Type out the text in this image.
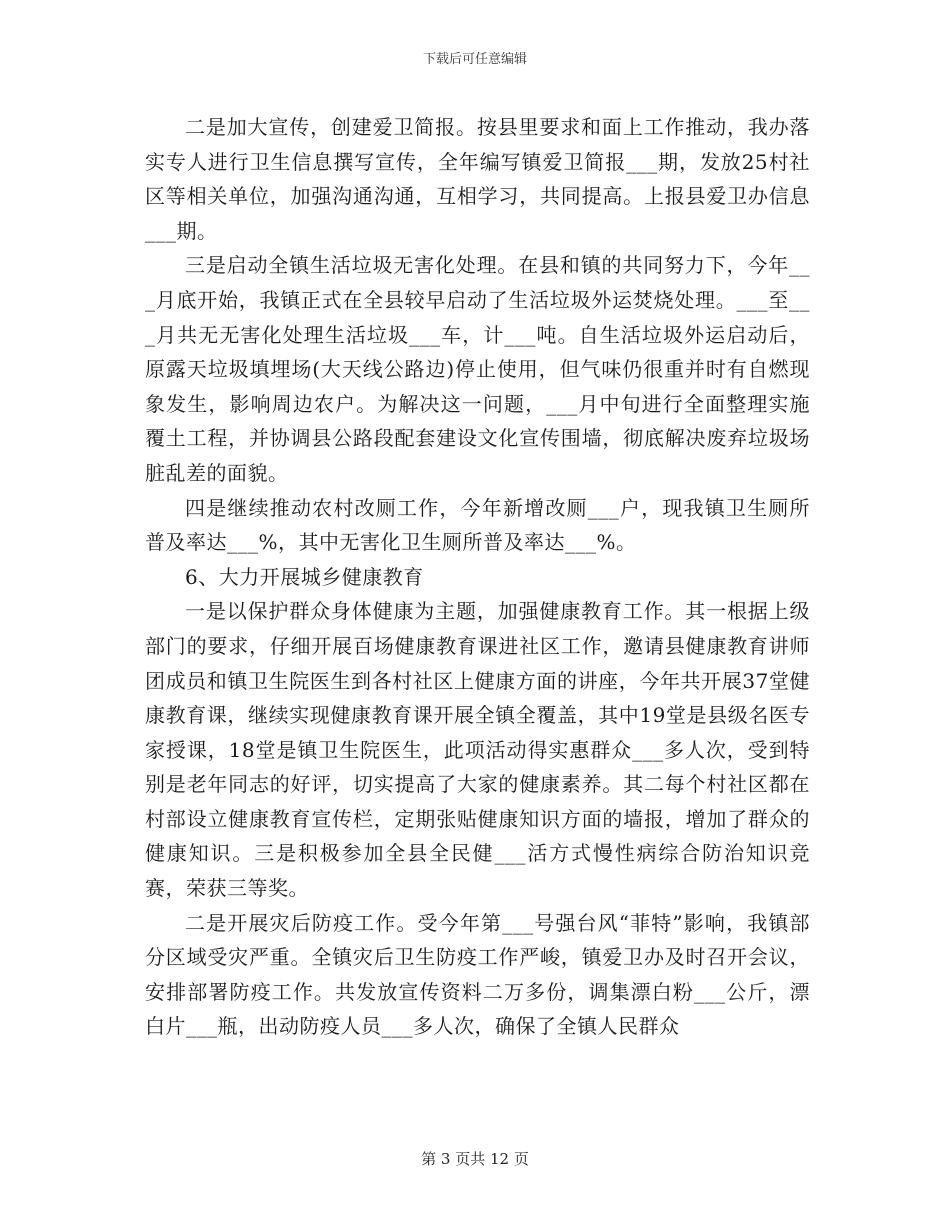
下载后可任意编辑

二是加大宣传，创建爱卫简报。按县里要求和面上工作推动，我办落实专人进行卫生信息撰写宣传，全年编写镇爱卫简报___期，发放25村社区等相关单位，加强沟通沟通，互相学习，共同提高。上报县爱卫办信息___期。

三是启动全镇生活垃圾无害化处理。在县和镇的共同努力下，今年___月底开始，我镇正式在全县较早启动了生活垃圾外运焚烧处理。___至___月共无无害化处理生活垃圾___车，计___吨。自生活垃圾外运启动后，原露天垃圾填埋场(大天线公路边)停止使用，但气味仍很重并时有自燃现象发生，影响周边农户。为解决这一问题，___月中旬进行全面整理实施覆土工程，并协调县公路段配套建设文化宣传围墙，彻底解决废弃垃圾场脏乱差的面貌。

四是继续推动农村改厕工作，今年新增改厕___户，现我镇卫生厕所普及率达___%，其中无害化卫生厕所普及率达___%。

6、大力开展城乡健康教育

一是以保护群众身体健康为主题，加强健康教育工作。其一根据上级部门的要求，仔细开展百场健康教育课进社区工作，邀请县健康教育讲师团成员和镇卫生院医生到各村社区上健康方面的讲座，今年共开展37堂健康教育课，继续实现健康教育课开展全镇全覆盖，其中19堂是县级名医专家授课，18堂是镇卫生院医生，此项活动得实惠群众___多人次，受到特别是老年同志的好评，切实提高了大家的健康素养。其二每个村社区都在村部设立健康教育宣传栏，定期张贴健康知识方面的墙报，增加了群众的健康知识。三是积极参加全县全民健___活方式慢性病综合防治知识竞赛，荣获三等奖。

二是开展灾后防疫工作。受今年第___号强台风“菲特”影响，我镇部分区域受灾严重。全镇灾后卫生防疫工作严峻，镇爱卫办及时召开会议，安排部署防疫工作。共发放宣传资料二万多份，调集漂白粉___公斤，漂白片___瓶，出动防疫人员___多人次，确保了全镇人民群众

第 3 页共 12 页
